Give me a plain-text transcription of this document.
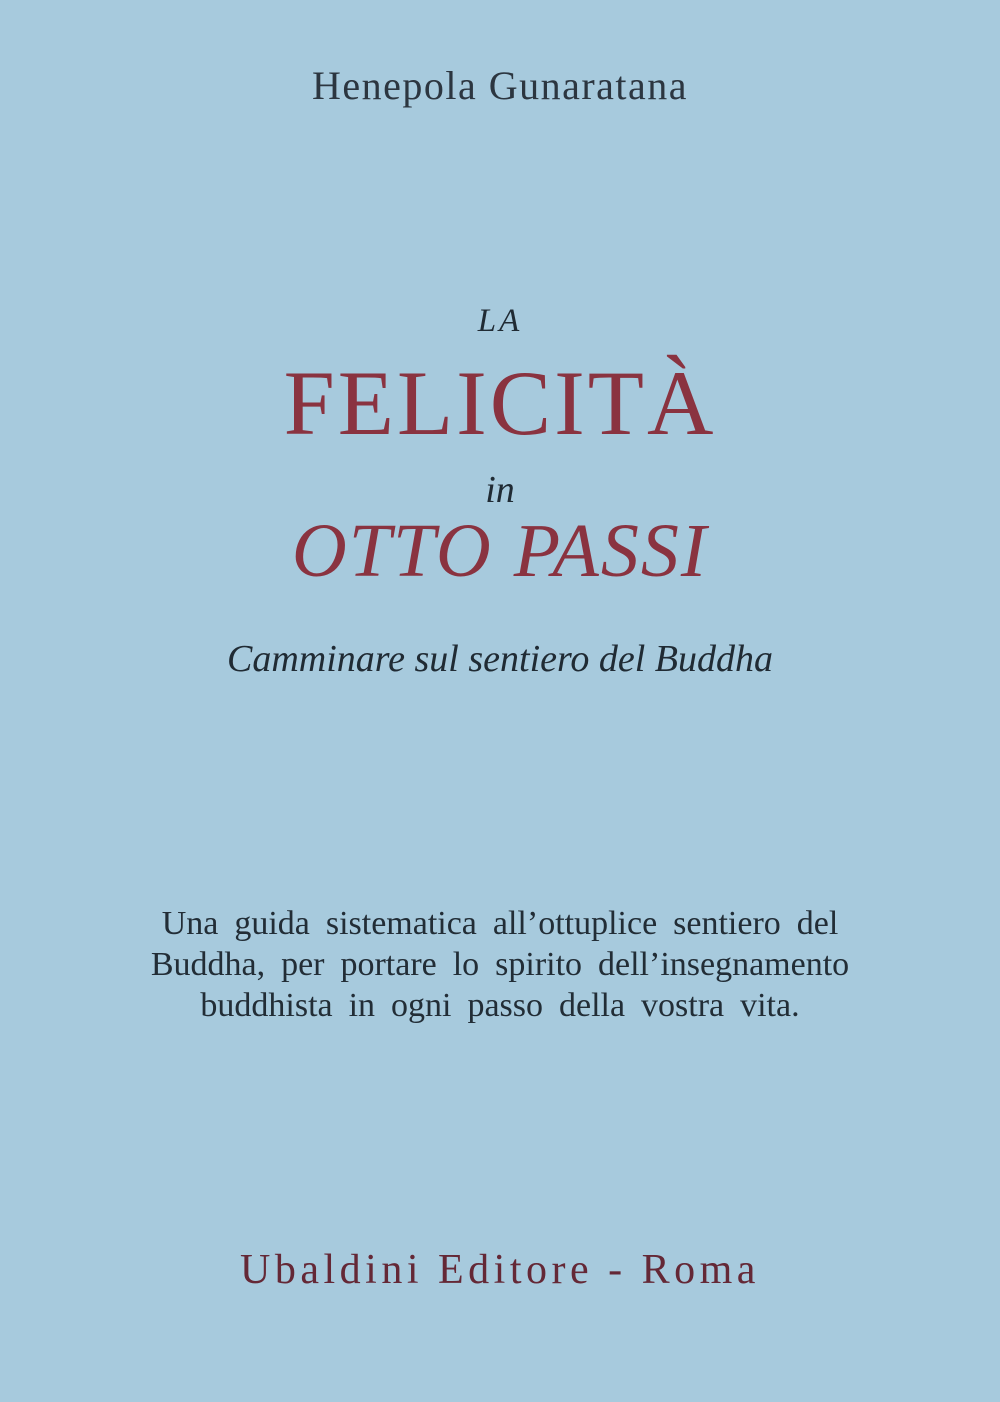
Henepola Gunaratana
LA
FELICITÀ
in
OTTO PASSI
Camminare sul sentiero del Buddha
Una guida sistematica all’ottuplice sentiero del
Buddha, per portare lo spirito dell’insegnamento
buddhista in ogni passo della vostra vita.
Ubaldini Editore - Roma
